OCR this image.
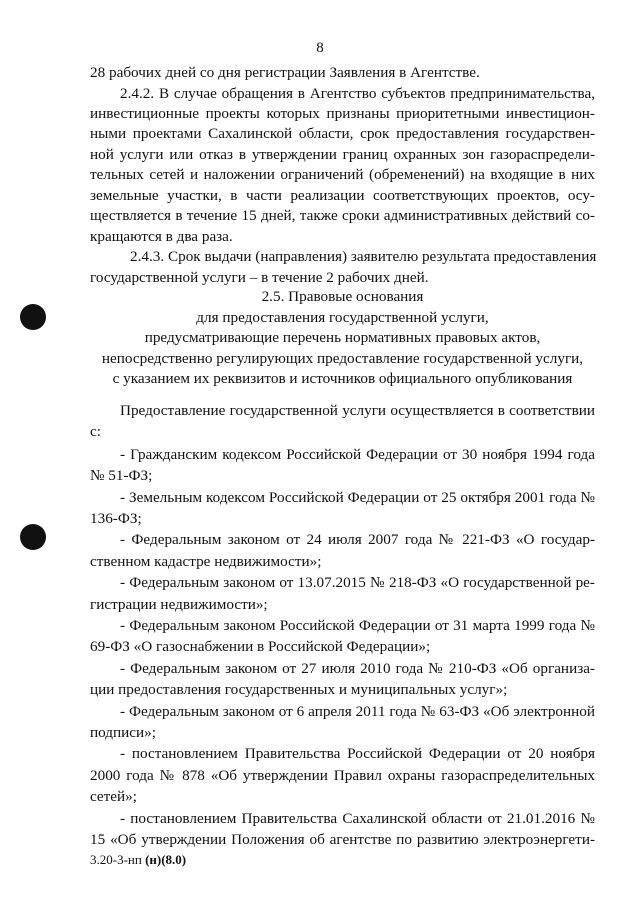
8
28 рабочих дней со дня регистрации Заявления в Агентстве.
2.4.2. В случае обращения в Агентство субъектов предпринимательства,
инвестиционные проекты которых признаны приоритетными инвестицион-
ными проектами Сахалинской области, срок предоставления государствен-
ной услуги или отказ в утверждении границ охранных зон газораспредели-
тельных сетей и наложении ограничений (обременений) на входящие в них
земельные участки, в части реализации соответствующих проектов, осу-
ществляется в течение 15 дней, также сроки административных действий со-
кращаются в два раза.
2.4.3. Срок выдачи (направления) заявителю результата предоставления
государственной услуги – в течение 2 рабочих дней.
2.5. Правовые основания
для предоставления государственной услуги,
предусматривающие перечень нормативных правовых актов,
непосредственно регулирующих предоставление государственной услуги,
с указанием их реквизитов и источников официального опубликования
Предоставление государственной услуги осуществляется в соответствии
с:
- Гражданским кодексом Российской Федерации от 30 ноября 1994 года
№ 51-ФЗ;
- Земельным кодексом Российской Федерации от 25 октября 2001 года №
136-ФЗ;
- Федеральным законом от 24 июля 2007 года № 221-ФЗ «О государ-
ственном кадастре недвижимости»;
- Федеральным законом от 13.07.2015 № 218-ФЗ «О государственной ре-
гистрации недвижимости»;
- Федеральным законом Российской Федерации от 31 марта 1999 года №
69-ФЗ «О газоснабжении в Российской Федерации»;
- Федеральным законом от 27 июля 2010 года № 210-ФЗ «Об организа-
ции предоставления государственных и муниципальных услуг»;
- Федеральным законом от 6 апреля 2011 года № 63-ФЗ «Об электронной
подписи»;
- постановлением Правительства Российской Федерации от 20 ноября
2000 года № 878 «Об утверждении Правил охраны газораспределительных
сетей»;
- постановлением Правительства Сахалинской области от 21.01.2016 №
15 «Об утверждении Положения об агентстве по развитию электроэнергети-
3.20-3-нп (н)(8.0)
